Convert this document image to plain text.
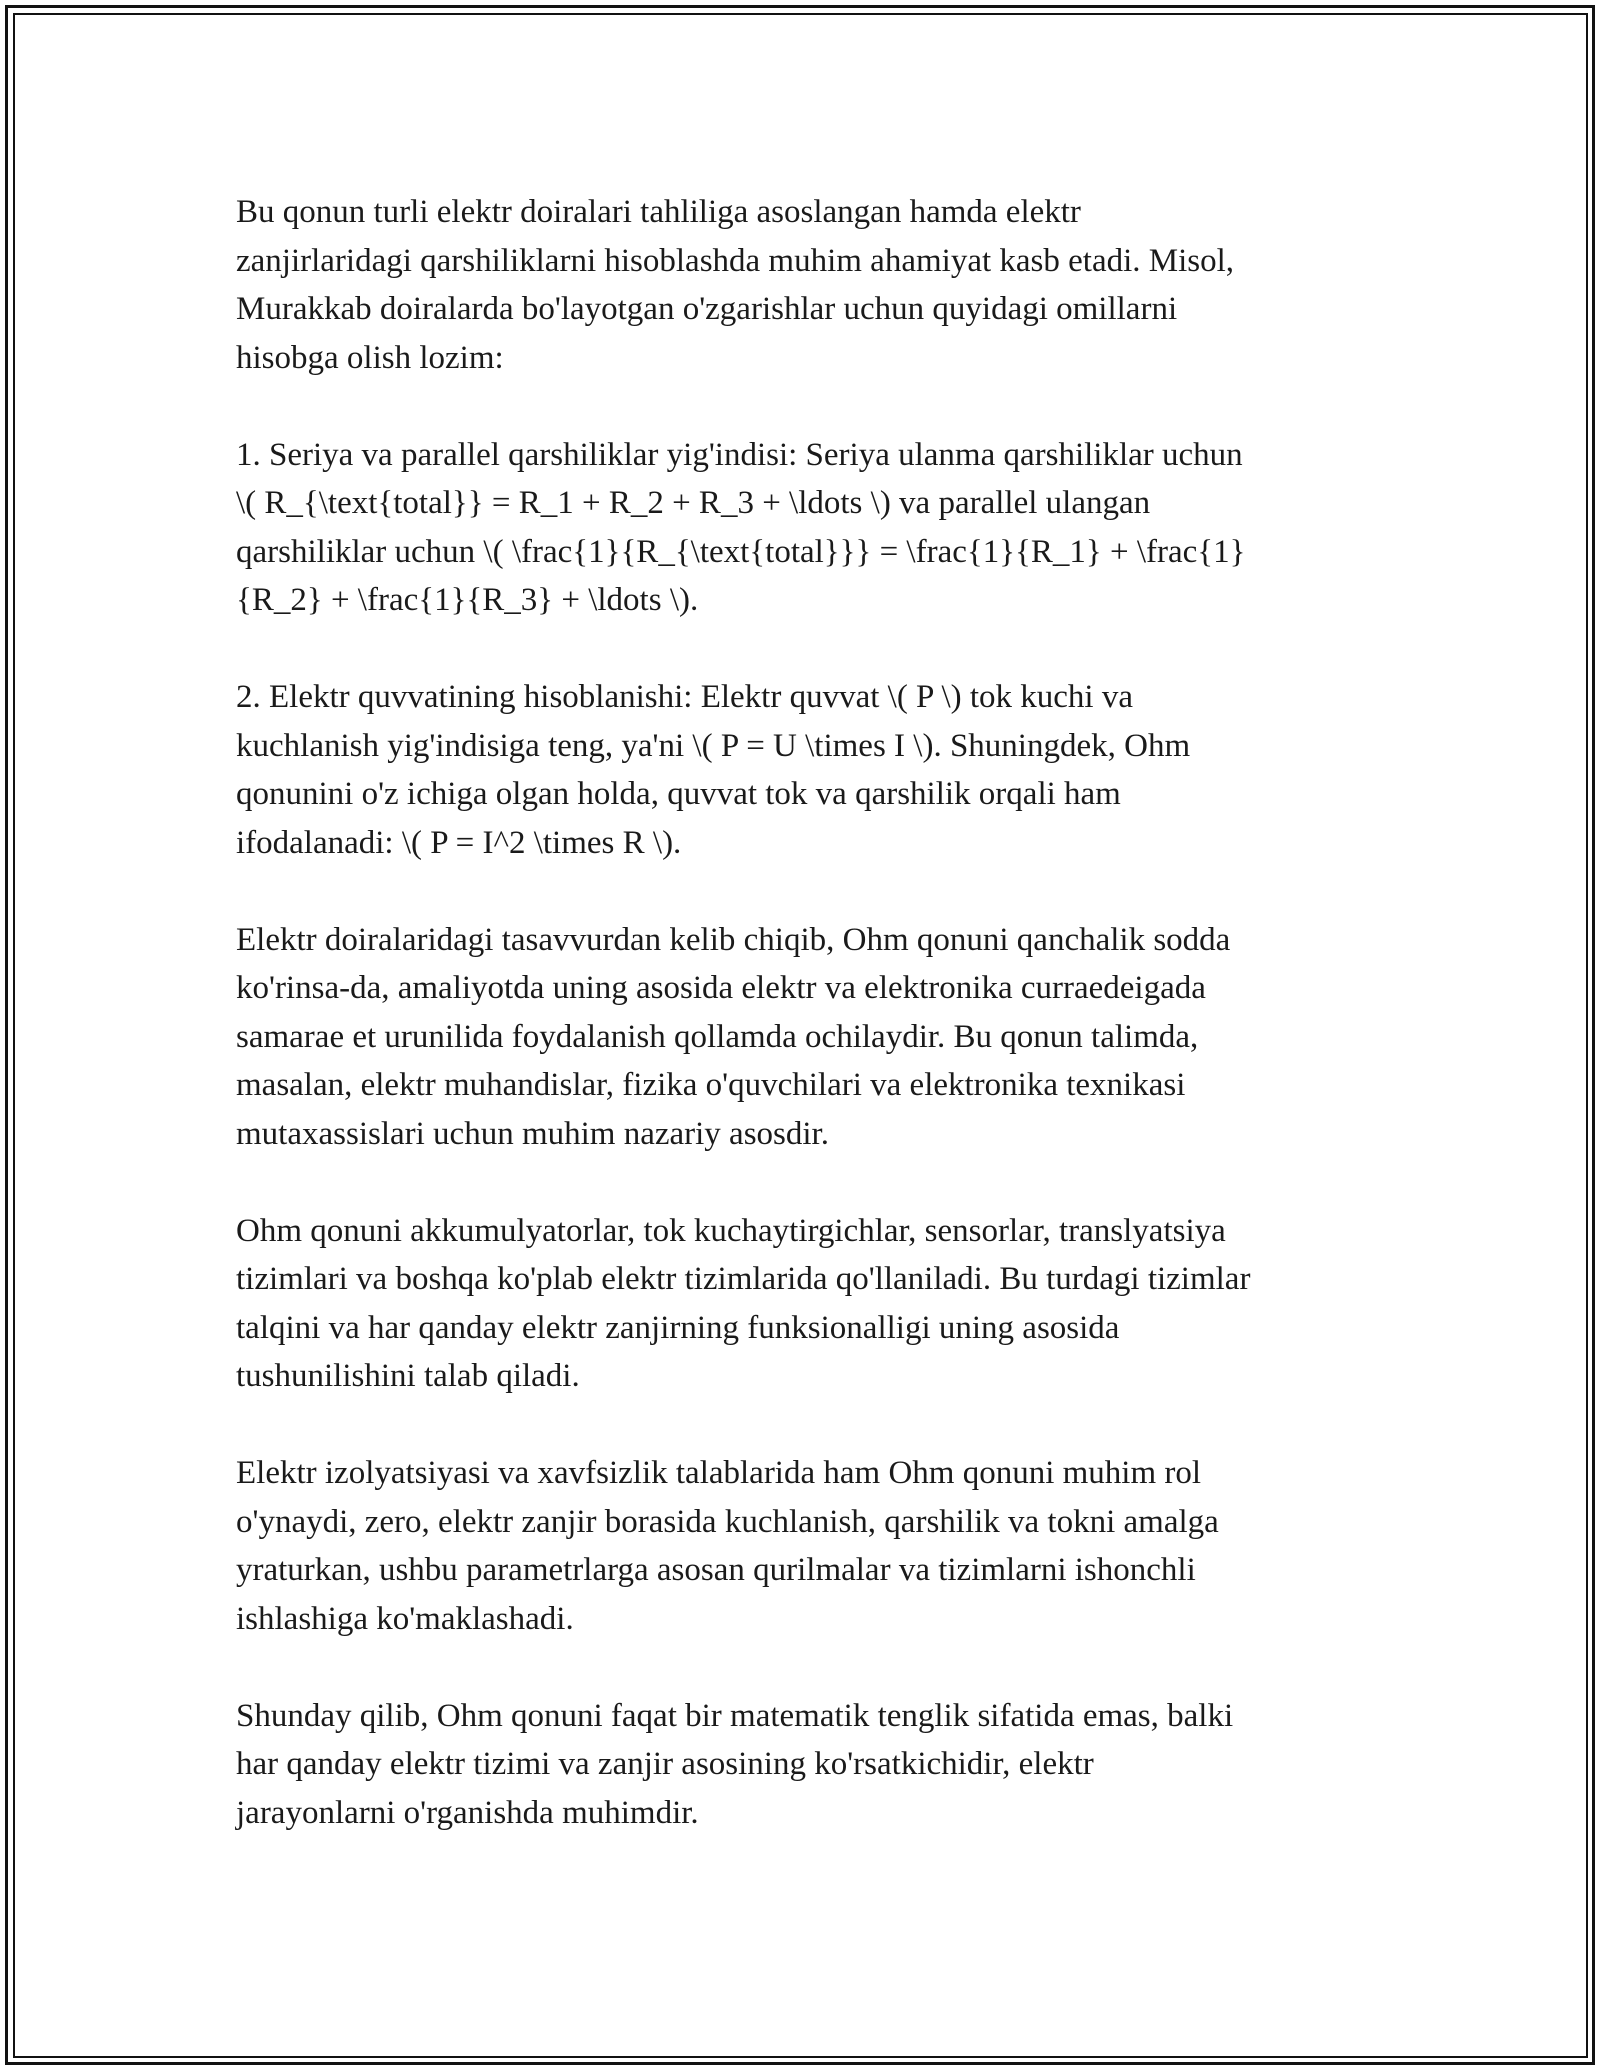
Bu qonun turli elektr doiralari tahliliga asoslangan hamda elektr
zanjirlaridagi qarshiliklarni hisoblashda muhim ahamiyat kasb etadi. Misol,
Murakkab doiralarda bo'layotgan o'zgarishlar uchun quyidagi omillarni
hisobga olish lozim:

1. Seriya va parallel qarshiliklar yig'indisi: Seriya ulanma qarshiliklar uchun
\( R_{\text{total}} = R_1 + R_2 + R_3 + \ldots \) va parallel ulangan
qarshiliklar uchun \( \frac{1}{R_{\text{total}}} = \frac{1}{R_1} + \frac{1}
{R_2} + \frac{1}{R_3} + \ldots \).

2. Elektr quvvatining hisoblanishi: Elektr quvvat \( P \) tok kuchi va
kuchlanish yig'indisiga teng, ya'ni \( P = U \times I \). Shuningdek, Ohm
qonunini o'z ichiga olgan holda, quvvat tok va qarshilik orqali ham
ifodalanadi: \( P = I^2 \times R \).

Elektr doiralaridagi tasavvurdan kelib chiqib, Ohm qonuni qanchalik sodda
ko'rinsa-da, amaliyotda uning asosida elektr va elektronika curraedeigada
samarae et urunilida foydalanish qollamda ochilaydir. Bu qonun talimda,
masalan, elektr muhandislar, fizika o'quvchilari va elektronika texnikasi
mutaxassislari uchun muhim nazariy asosdir.

Ohm qonuni akkumulyatorlar, tok kuchaytirgichlar, sensorlar, translyatsiya
tizimlari va boshqa ko'plab elektr tizimlarida qo'llaniladi. Bu turdagi tizimlar
talqini va har qanday elektr zanjirning funksionalligi uning asosida
tushunilishini talab qiladi.

Elektr izolyatsiyasi va xavfsizlik talablarida ham Ohm qonuni muhim rol
o'ynaydi, zero, elektr zanjir borasida kuchlanish, qarshilik va tokni amalga
yraturkan, ushbu parametrlarga asosan qurilmalar va tizimlarni ishonchli
ishlashiga ko'maklashadi.

Shunday qilib, Ohm qonuni faqat bir matematik tenglik sifatida emas, balki
har qanday elektr tizimi va zanjir asosining ko'rsatkichidir, elektr
jarayonlarni o'rganishda muhimdir.
